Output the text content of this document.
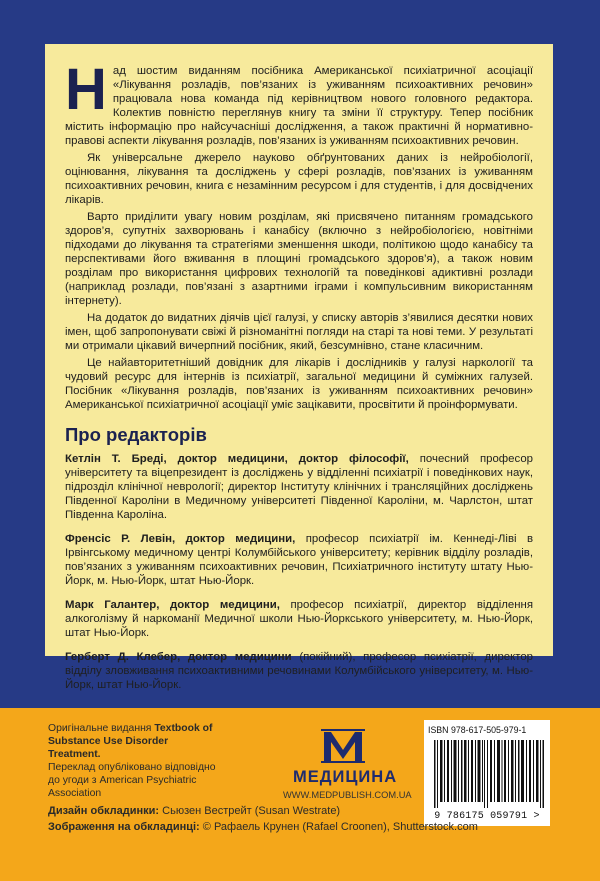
Над шостим виданням посібника Американської психіатричної асоціації «Лікування розладів, пов’язаних із уживанням психоактивних речовин» працювала нова команда під керівництвом нового головного редактора. Колектив повністю переглянув книгу та зміни її структуру. Тепер посібник містить інформацію про найсучасніші дослідження, а також практичні й нормативно-правові аспекти лікування розладів, пов’язаних із уживанням психоактивних речовин.

Як універсальне джерело науково обґрунтованих даних із нейробіології, оцінювання, лікування та досліджень у сфері розладів, пов’язаних із уживанням психоактивних речовин, книга є незамінним ресурсом і для студентів, і для досвідчених лікарів.

Варто приділити увагу новим розділам, які присвячено питанням громадського здоров’я, супутніх захворювань і канабісу (включно з нейробіологією, новітніми підходами до лікування та стратегіями зменшення шкоди, політикою щодо канабісу та перспективами його вживання в площині громадського здоров’я), а також новим розділам про використання цифрових технологій та поведінкові адиктивні розлади (наприклад розлади, пов’язані з азартними іграми і компульсивним використанням інтернету).

На додаток до видатних діячів цієї галузі, у списку авторів з’явилися десятки нових імен, щоб запропонувати свіжі й різноманітні погляди на старі та нові теми. У результаті ми отримали цікавий вичерпний посібник, який, безсумнівно, стане класичним.

Це найавторитетніший довідник для лікарів і дослідників у галузі наркології та чудовий ресурс для інтернів із психіатрії, загальної медицини й суміжних галузей. Посібник «Лікування розладів, пов’язаних із уживанням психоактивних речовин» Американської психіатричної асоціації уміє зацікавити, просвітити й проінформувати.

Про редакторів

Кетлін Т. Бреді, доктор медицини, доктор філософії, почесний професор університету та віцепрезидент із досліджень у відділенні психіатрії і поведінкових наук, підрозділ клінічної неврології; директор Інституту клінічних і трансляційних досліджень Південної Кароліни в Медичному університеті Південної Кароліни, м. Чарлстон, штат Південна Кароліна.

Френсіс Р. Левін, доктор медицини, професор психіатрії ім. Кеннеді-Ліві в Ірвінгському медичному центрі Колумбійського університету; керівник відділу розладів, пов’язаних з уживанням психоактивних речовин, Психіатричного інституту штату Нью-Йорк, м. Нью-Йорк, штат Нью-Йорк.

Марк Галантер, доктор медицини, професор психіатрії, директор відділення алкоголізму й наркоманії Медичної школи Нью-Йоркського університету, м. Нью-Йорк, штат Нью-Йорк.

Герберт Д. Клебер, доктор медицини (покійний), професор психіатрії, директор відділу зловживання психоактивними речовинами Колумбійського університету, м. Нью-Йорк, штат Нью-Йорк.

Оригінальне видання Textbook of Substance Use Disorder Treatment.
Переклад опубліковано відповідно до угоди з American Psychiatric Association
МЕДИЦИНА
WWW.MEDPUBLISH.COM.UA
ISBN 978-617-505-979-1
9 786175 059791 >
Дизайн обкладинки: Сьюзен Вестрейт (Susan Westrate)
Зображення на обкладинці: © Рафаель Крунен (Rafael Croonen), Shutterstock.com
